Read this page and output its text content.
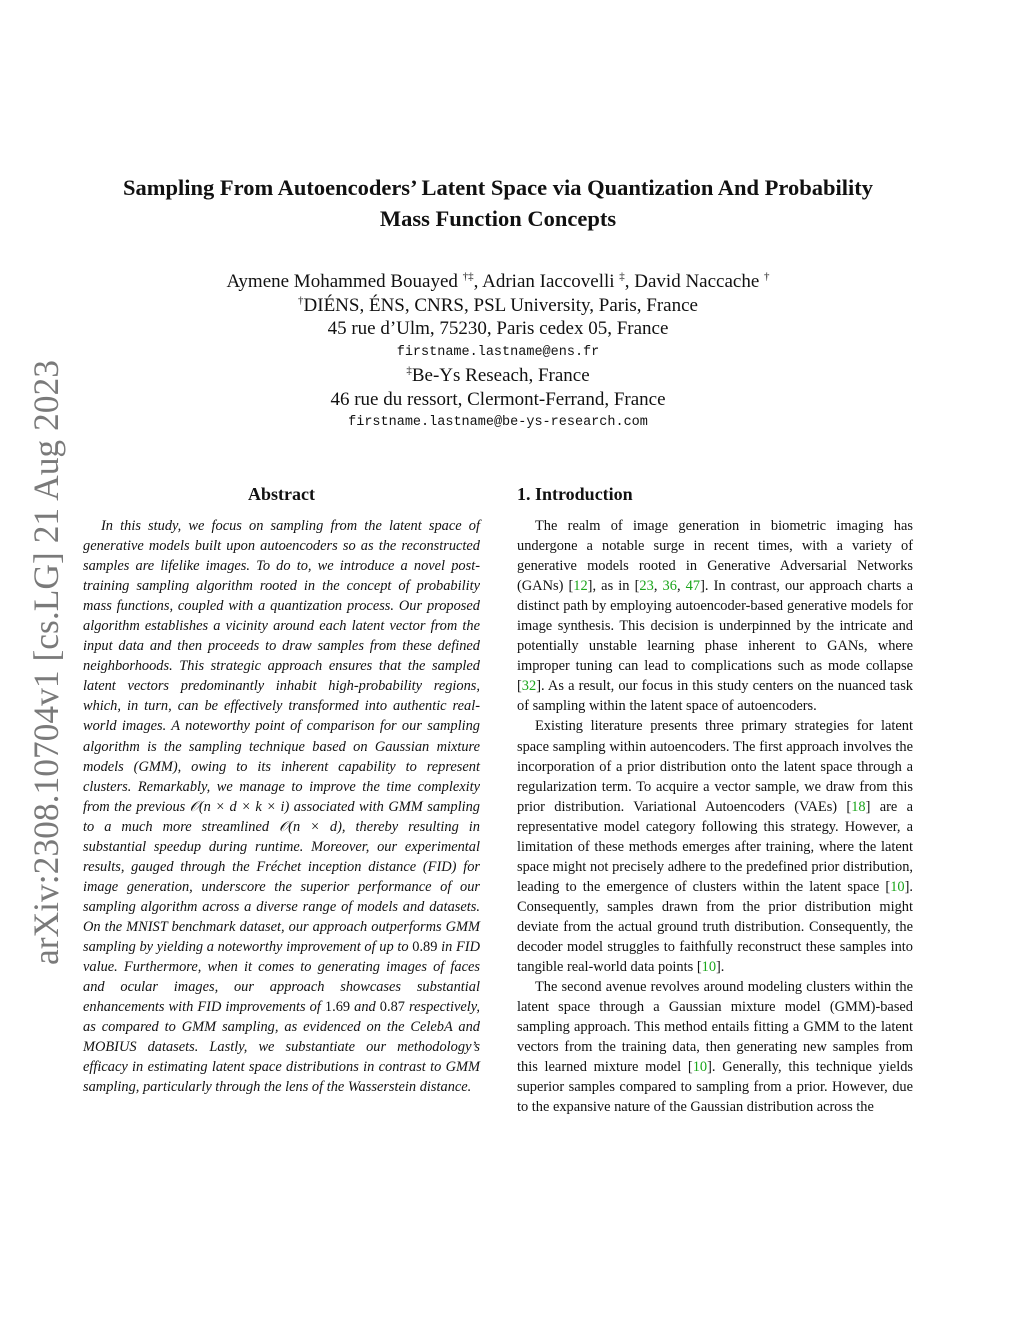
arXiv:2308.10704v1 [cs.LG] 21 Aug 2023
Sampling From Autoencoders’ Latent Space via Quantization And Probability
Mass Function Concepts
Aymene Mohammed Bouayed †‡, Adrian Iaccovelli ‡, David Naccache †
†DIÉNS, ÉNS, CNRS, PSL University, Paris, France
45 rue d’Ulm, 75230, Paris cedex 05, France
firstname.lastname@ens.fr
‡Be-Ys Reseach, France
46 rue du ressort, Clermont-Ferrand, France
firstname.lastname@be-ys-research.com
Abstract

In this study, we focus on sampling from the latent space of generative models built upon autoencoders so as the reconstructed samples are lifelike images. To do to, we introduce a novel post-training sampling algorithm rooted in the concept of probability mass functions, coupled with a quantization process. Our proposed algorithm establishes a vicinity around each latent vector from the input data and then proceeds to draw samples from these defined neighborhoods. This strategic approach ensures that the sampled latent vectors predominantly inhabit high-probability regions, which, in turn, can be effectively transformed into authentic real-world images. A noteworthy point of comparison for our sampling algorithm is the sampling technique based on Gaussian mixture models (GMM), owing to its inherent capability to represent clusters. Remarkably, we manage to improve the time complexity from the previous 𝒪(n × d × k × i) associated with GMM sampling to a much more streamlined 𝒪(n × d), thereby resulting in substantial speedup during runtime. Moreover, our experimental results, gauged through the Fréchet inception distance (FID) for image generation, underscore the superior performance of our sampling algorithm across a diverse range of models and datasets. On the MNIST benchmark dataset, our approach outperforms GMM sampling by yielding a noteworthy improvement of up to 0.89 in FID value. Furthermore, when it comes to generating images of faces and ocular images, our approach showcases substantial enhancements with FID improvements of 1.69 and 0.87 respectively, as compared to GMM sampling, as evidenced on the CelebA and MOBIUS datasets. Lastly, we substantiate our methodology’s efficacy in estimating latent space distributions in contrast to GMM sampling, particularly through the lens of the Wasserstein distance.

1. Introduction

The realm of image generation in biometric imaging has undergone a notable surge in recent times, with a variety of generative models rooted in Generative Adversarial Networks (GANs) [12], as in [23, 36, 47]. In contrast, our approach charts a distinct path by employing autoencoder-based generative models for image synthesis. This decision is underpinned by the intricate and potentially unstable learning phase inherent to GANs, where improper tuning can lead to complications such as mode collapse [32]. As a result, our focus in this study centers on the nuanced task of sampling within the latent space of autoencoders.

Existing literature presents three primary strategies for latent space sampling within autoencoders. The first approach involves the incorporation of a prior distribution onto the latent space through a regularization term. To acquire a vector sample, we draw from this prior distribution. Variational Autoencoders (VAEs) [18] are a representative model category following this strategy. However, a limitation of these methods emerges after training, where the latent space might not precisely adhere to the predefined prior distribution, leading to the emergence of clusters within the latent space [10]. Consequently, samples drawn from the prior distribution might deviate from the actual ground truth distribution. Consequently, the decoder model struggles to faithfully reconstruct these samples into tangible real-world data points [10].

The second avenue revolves around modeling clusters within the latent space through a Gaussian mixture model (GMM)-based sampling approach. This method entails fitting a GMM to the latent vectors from the training data, then generating new samples from this learned mixture model [10]. Generally, this technique yields superior samples compared to sampling from a prior. However, due to the expansive nature of the Gaussian distribution across the
